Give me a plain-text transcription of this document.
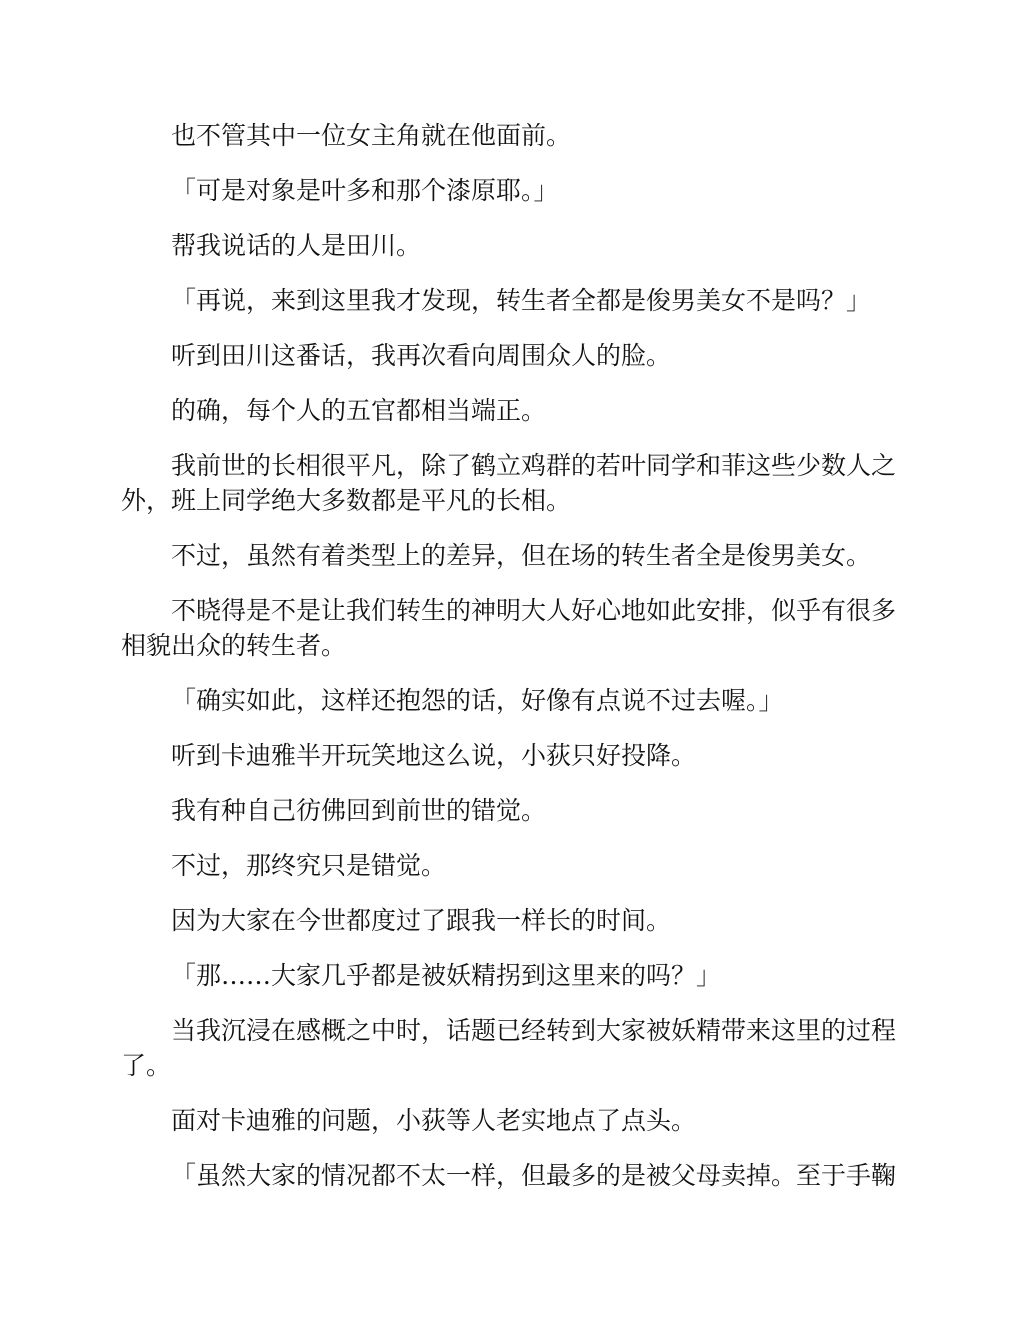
也不管其中一位女主角就在他面前。

「可是对象是叶多和那个漆原耶。」

帮我说话的人是田川。

「再说，来到这里我才发现，转生者全都是俊男美女不是吗？」

听到田川这番话，我再次看向周围众人的脸。

的确，每个人的五官都相当端正。

我前世的长相很平凡，除了鹤立鸡群的若叶同学和菲这些少数人之外，班上同学绝大多数都是平凡的长相。

不过，虽然有着类型上的差异，但在场的转生者全是俊男美女。

不晓得是不是让我们转生的神明大人好心地如此安排，似乎有很多相貌出众的转生者。

「确实如此，这样还抱怨的话，好像有点说不过去喔。」

听到卡迪雅半开玩笑地这么说，小荻只好投降。

我有种自己彷佛回到前世的错觉。

不过，那终究只是错觉。

因为大家在今世都度过了跟我一样长的时间。

「那……大家几乎都是被妖精拐到这里来的吗？」

当我沉浸在感概之中时，话题已经转到大家被妖精带来这里的过程了。

面对卡迪雅的问题，小荻等人老实地点了点头。

「虽然大家的情况都不太一样，但最多的是被父母卖掉。至于手鞠
